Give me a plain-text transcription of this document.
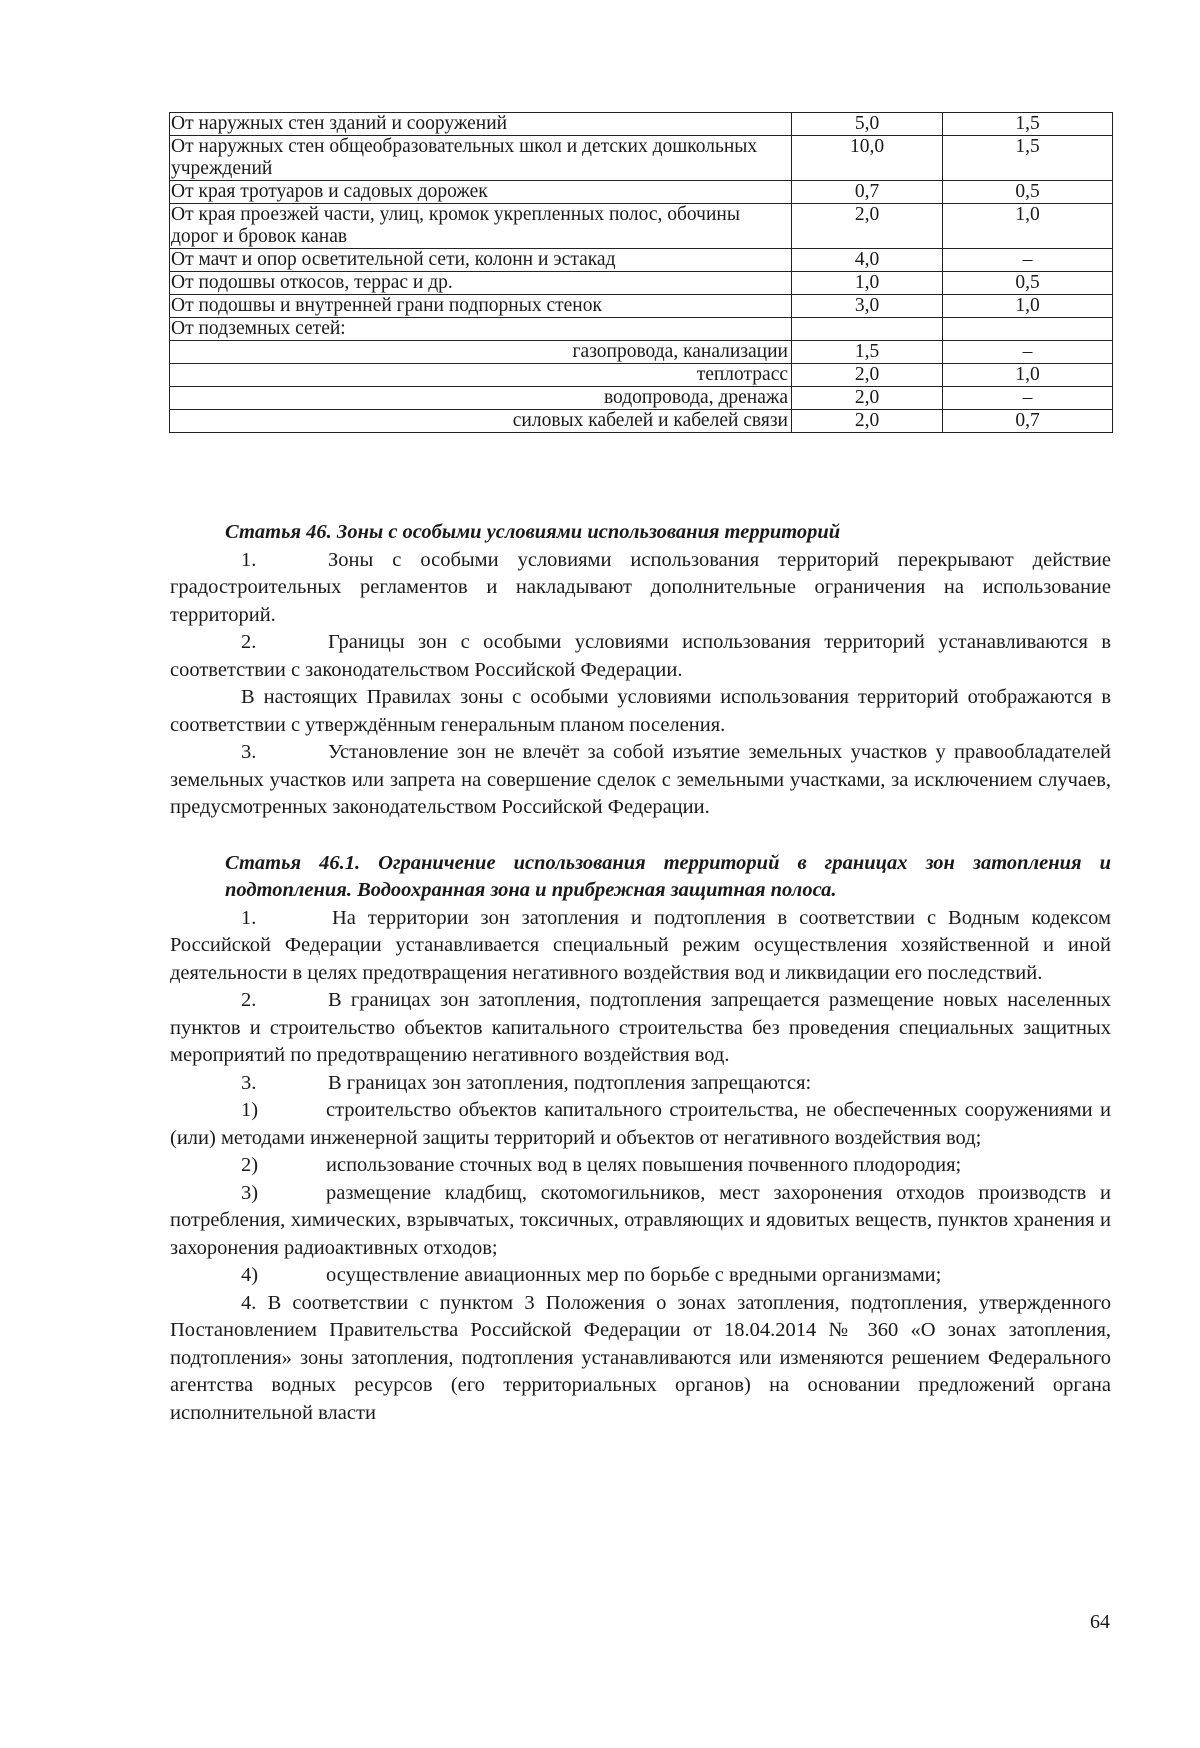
От наружных стен зданий и сооружений	5,0	1,5
От наружных стен общеобразовательных школ и детских дошкольных учреждений	10,0	1,5
От края тротуаров и садовых дорожек	0,7	0,5
От края проезжей части, улиц, кромок укрепленных полос, обочины дорог и бровок канав	2,0	1,0
От мачт и опор осветительной сети, колонн и эстакад	4,0	–
От подошвы откосов, террас и др.	1,0	0,5
От подошвы и внутренней грани подпорных стенок	3,0	1,0
От подземных сетей:		
газопровода, канализации	1,5	–
теплотрасс	2,0	1,0
водопровода, дренажа	2,0	–
силовых кабелей и кабелей связи	2,0	0,7

Статья 46. Зоны с особыми условиями использования территорий

1.	Зоны с особыми условиями использования территорий перекрывают действие градостроительных регламентов и накладывают дополнительные ограничения на использование территорий.

2.	Границы зон с особыми условиями использования территорий устанавливаются в соответствии с законодательством Российской Федерации.

В настоящих Правилах зоны с особыми условиями использования территорий отображаются в соответствии с утверждённым генеральным планом поселения.

3.	Установление зон не влечёт за собой изъятие земельных участков у правообладателей земельных участков или запрета на совершение сделок с земельными участками, за исключением случаев, предусмотренных законодательством Российской Федерации.

Статья 46.1. Ограничение использования территорий в границах зон затопления и подтопления. Водоохранная зона и прибрежная защитная полоса.

1.	На территории зон затопления и подтопления в соответствии с Водным кодексом Российской Федерации устанавливается специальный режим осуществления хозяйственной и иной деятельности в целях предотвращения негативного воздействия вод и ликвидации его последствий.

2.	В границах зон затопления, подтопления запрещается размещение новых населенных пунктов и строительство объектов капитального строительства без проведения специальных защитных мероприятий по предотвращению негативного воздействия вод.

3.	В границах зон затопления, подтопления запрещаются:

1)	строительство объектов капитального строительства, не обеспеченных сооружениями и (или) методами инженерной защиты территорий и объектов от негативного воздействия вод;

2)	использование сточных вод в целях повышения почвенного плодородия;

3)	размещение кладбищ, скотомогильников, мест захоронения отходов производств и потребления, химических, взрывчатых, токсичных, отравляющих и ядовитых веществ, пунктов хранения и захоронения радиоактивных отходов;

4)	осуществление авиационных мер по борьбе с вредными организмами;

4. В соответствии с пунктом 3 Положения о зонах затопления, подтопления, утвержденного Постановлением Правительства Российской Федерации от 18.04.2014 № 360 «О зонах затопления, подтопления» зоны затопления, подтопления устанавливаются или изменяются решением Федерального агентства водных ресурсов (его территориальных органов) на основании предложений органа исполнительной власти

64
